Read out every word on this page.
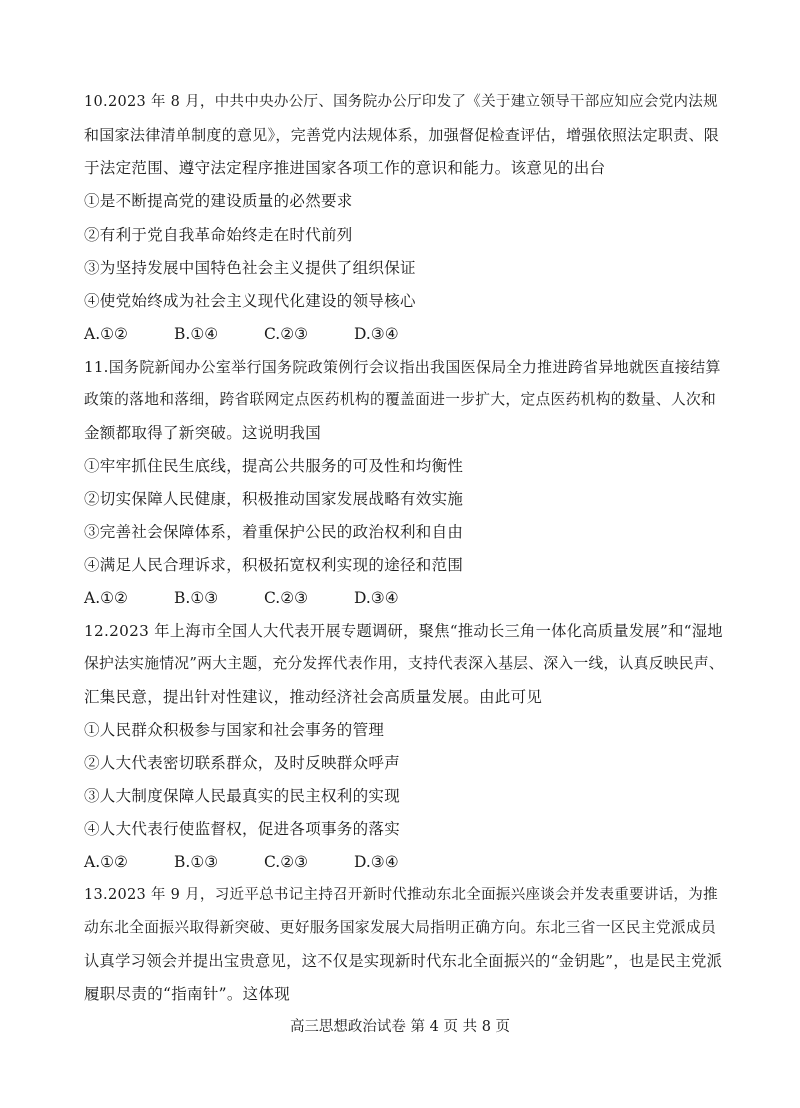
10.2023 年 8 月，中共中央办公厅、国务院办公厅印发了《关于建立领导干部应知应会党内法规
和国家法律清单制度的意见》，完善党内法规体系，加强督促检查评估，增强依照法定职责、限
于法定范围、遵守法定程序推进国家各项工作的意识和能力。该意见的出台
①是不断提高党的建设质量的必然要求
②有利于党自我革命始终走在时代前列
③为坚持发展中国特色社会主义提供了组织保证
④使党始终成为社会主义现代化建设的领导核心
A.①②	B.①④	C.②③	D.③④
11.国务院新闻办公室举行国务院政策例行会议指出我国医保局全力推进跨省异地就医直接结算
政策的落地和落细，跨省联网定点医药机构的覆盖面进一步扩大，定点医药机构的数量、人次和
金额都取得了新突破。这说明我国
①牢牢抓住民生底线，提高公共服务的可及性和均衡性
②切实保障人民健康，积极推动国家发展战略有效实施
③完善社会保障体系，着重保护公民的政治权利和自由
④满足人民合理诉求，积极拓宽权利实现的途径和范围
A.①②	B.①③	C.②③	D.③④
12.2023 年上海市全国人大代表开展专题调研，聚焦“推动长三角一体化高质量发展”和“湿地
保护法实施情况”两大主题，充分发挥代表作用，支持代表深入基层、深入一线，认真反映民声、
汇集民意，提出针对性建议，推动经济社会高质量发展。由此可见
①人民群众积极参与国家和社会事务的管理
②人大代表密切联系群众，及时反映群众呼声
③人大制度保障人民最真实的民主权利的实现
④人大代表行使监督权，促进各项事务的落实
A.①②	B.①③	C.②③	D.③④
13.2023 年 9 月，习近平总书记主持召开新时代推动东北全面振兴座谈会并发表重要讲话，为推
动东北全面振兴取得新突破、更好服务国家发展大局指明正确方向。东北三省一区民主党派成员
认真学习领会并提出宝贵意见，这不仅是实现新时代东北全面振兴的“金钥匙”，也是民主党派
履职尽责的“指南针”。这体现
高三思想政治试卷 第 4 页 共 8 页
